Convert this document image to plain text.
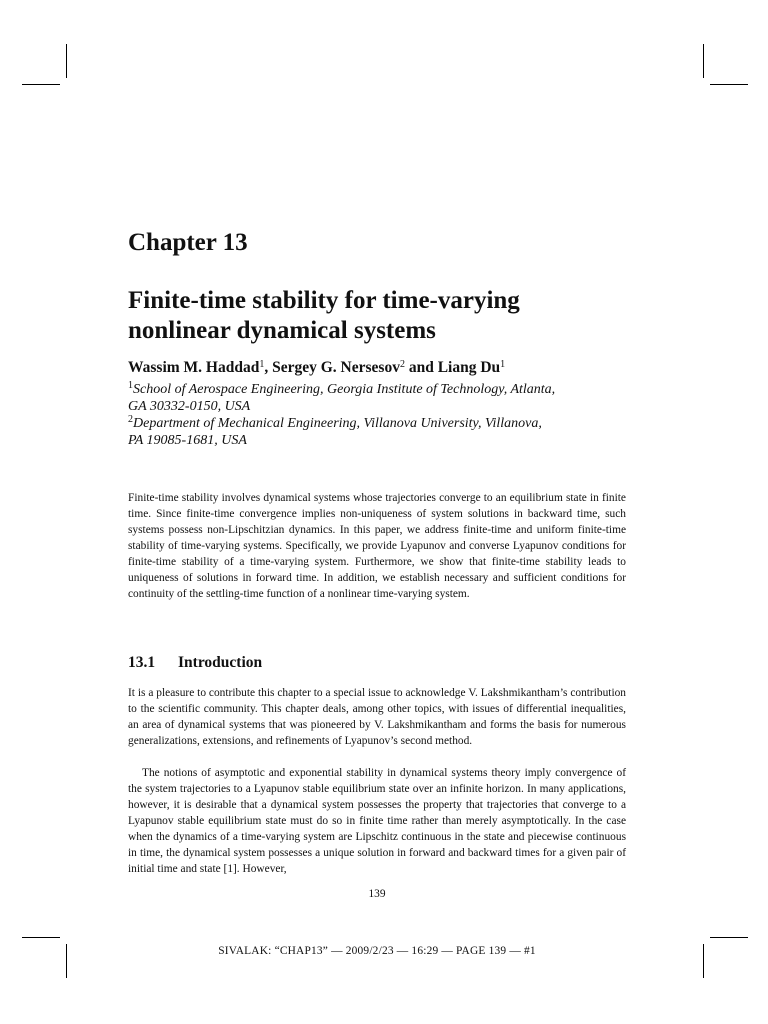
Chapter 13
Finite-time stability for time-varying
nonlinear dynamical systems
Wassim M. Haddad$^1$, Sergey G. Nersesov$^2$ and Liang Du$^1$
$^1$School of Aerospace Engineering, Georgia Institute of Technology, Atlanta,
GA 30332-0150, USA
$^2$Department of Mechanical Engineering, Villanova University, Villanova,
PA 19085-1681, USA

Finite-time stability involves dynamical systems whose trajectories converge to an equilibrium state in finite time. Since finite-time convergence implies non-uniqueness of system solutions in backward time, such systems possess non-Lipschitzian dynamics. In this paper, we address finite-time and uniform finite-time stability of time-varying systems. Specifically, we provide Lyapunov and converse Lyapunov conditions for finite-time stability of a time-varying system. Furthermore, we show that finite-time stability leads to uniqueness of solutions in forward time. In addition, we establish necessary and sufficient conditions for continuity of the settling-time function of a nonlinear time-varying system.

13.1 Introduction

It is a pleasure to contribute this chapter to a special issue to acknowledge V. Lakshmikantham’s contribution to the scientific community. This chapter deals, among other topics, with issues of differential inequalities, an area of dynamical systems that was pioneered by V. Lakshmikantham and forms the basis for numerous generalizations, extensions, and refinements of Lyapunov’s second method.

The notions of asymptotic and exponential stability in dynamical systems theory imply convergence of the system trajectories to a Lyapunov stable equilibrium state over an infinite horizon. In many applications, however, it is desirable that a dynamical system possesses the property that trajectories that converge to a Lyapunov stable equilibrium state must do so in finite time rather than merely asymptotically. In the case when the dynamics of a time-varying system are Lipschitz continuous in the state and piecewise continuous in time, the dynamical system possesses a unique solution in forward and backward times for a given pair of initial time and state [1]. However,

139
SIVALAK: “CHAP13” — 2009/2/23 — 16:29 — PAGE 139 — #1
